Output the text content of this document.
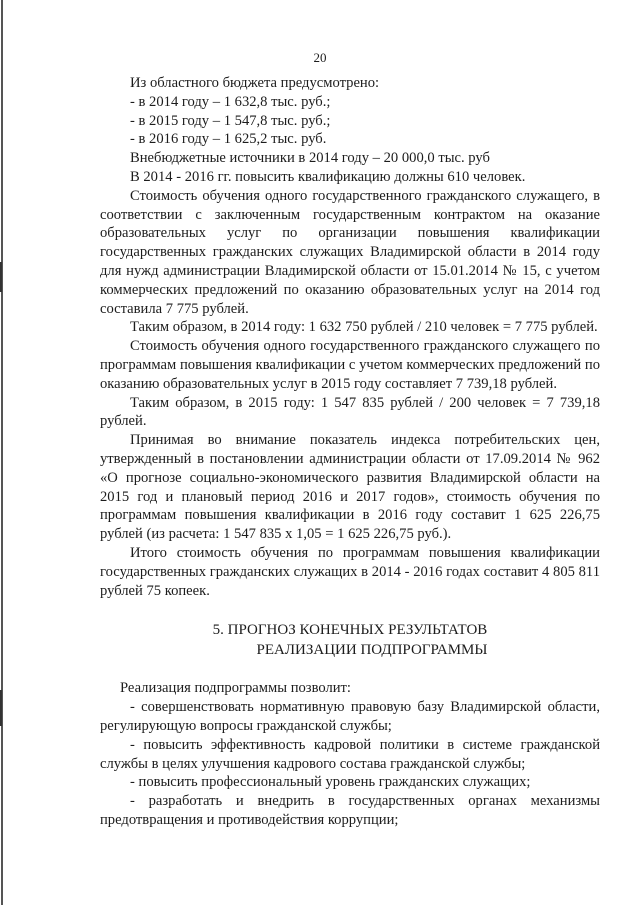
20

Из областного бюджета предусмотрено:

- в 2014 году – 1 632,8 тыс. руб.;

- в 2015 году – 1 547,8 тыс. руб.;

- в 2016 году – 1 625,2 тыс. руб.

Внебюджетные источники в 2014 году – 20 000,0 тыс. руб

В 2014 - 2016 гг. повысить квалификацию должны 610 человек.

Стоимость обучения одного государственного гражданского служащего, в соответствии с заключенным государственным контрактом на оказание образовательных услуг по организации повышения квалификации государственных гражданских служащих Владимирской области в 2014 году для нужд администрации Владимирской области от 15.01.2014 № 15, с учетом коммерческих предложений по оказанию образовательных услуг на 2014 год составила 7 775 рублей.

Таким образом, в 2014 году: 1 632 750 рублей / 210 человек = 7 775 рублей.

Стоимость обучения одного государственного гражданского служащего по программам повышения квалификации с учетом коммерческих предложений по оказанию образовательных услуг в 2015 году составляет 7 739,18 рублей.

Таким образом, в 2015 году: 1 547 835 рублей / 200 человек = 7 739,18 рублей.

Принимая во внимание показатель индекса потребительских цен, утвержденный в постановлении администрации области от 17.09.2014 № 962 «О прогнозе социально-экономического развития Владимирской области на 2015 год и плановый период 2016 и 2017 годов», стоимость обучения по программам повышения квалификации в 2016 году составит 1 625 226,75 рублей (из расчета: 1 547 835 х 1,05 = 1 625 226,75 руб.).

Итого стоимость обучения по программам повышения квалификации государственных гражданских служащих в 2014 - 2016 годах составит 4 805 811 рублей 75 копеек.

5. ПРОГНОЗ КОНЕЧНЫХ РЕЗУЛЬТАТОВ
РЕАЛИЗАЦИИ ПОДПРОГРАММЫ

Реализация подпрограммы позволит:

- совершенствовать нормативную правовую базу Владимирской области, регулирующую вопросы гражданской службы;

- повысить эффективность кадровой политики в системе гражданской службы в целях улучшения кадрового состава гражданской службы;

- повысить профессиональный уровень гражданских служащих;

- разработать и внедрить в государственных органах механизмы предотвращения и противодействия коррупции;
